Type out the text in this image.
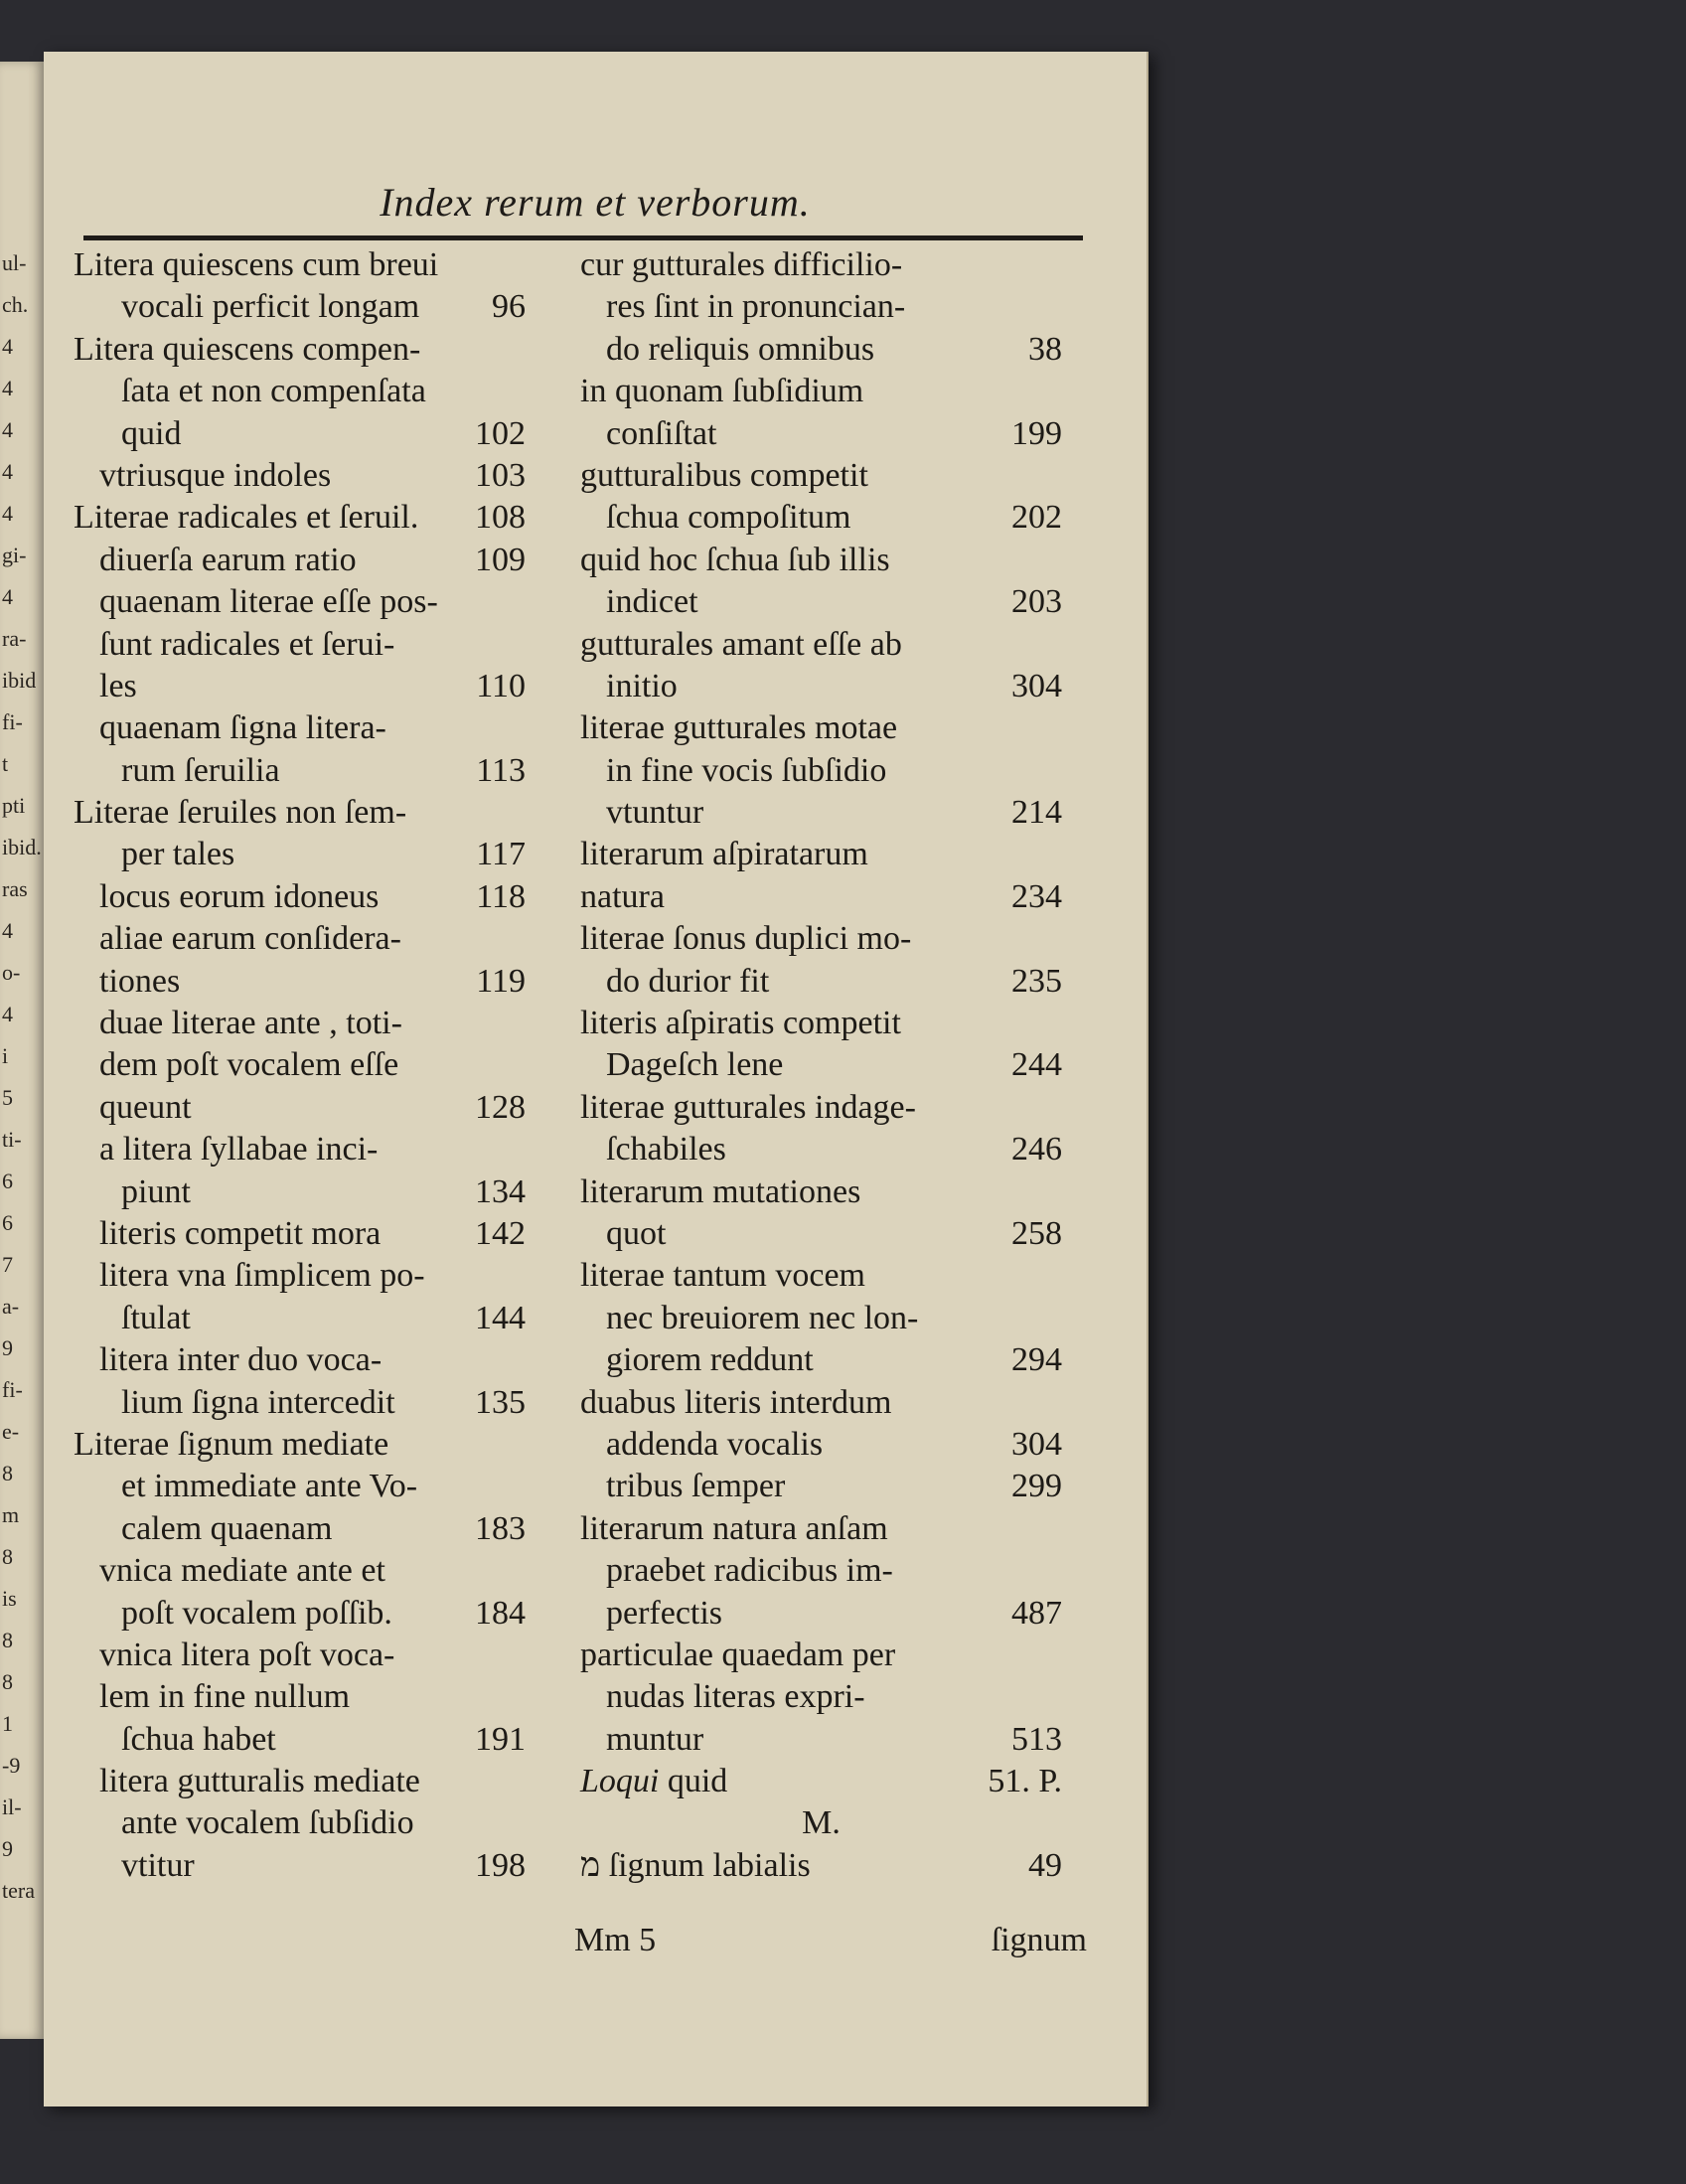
ul-
ch.
4
4
4
4
4
gi-
4
ra-
ibid
fi-
t
pti
ibid.
ras
4
o-
4
i
5
ti-
6
6
7
a-
9
fi-
e-
8
m
8
is
8
8
1
-9
il-
9
tera
Index rerum et verborum.
Litera quiescens cum breui
vocali perficit longam 96
Litera quiescens compen-
ſata et non compenſata
quid	102
vtriusque indoles	103
Literae radicales et ſeruil. 108
diuerſa earum ratio	109
quaenam literae eſſe pos-
ſunt radicales et ſerui-
les	110
quaenam ſigna litera-
rum ſeruilia	113
Literae ſeruiles non ſem-
per tales	117
locus eorum idoneus	118
aliae earum conſidera-
tiones	119
duae literae ante , toti-
dem poſt vocalem eſſe
queunt	128
a litera ſyllabae inci-
piunt	134
literis competit mora	142
litera vna ſimplicem po-
ſtulat	144
litera inter duo voca-
lium ſigna intercedit 135
Literae ſignum mediate
et immediate ante Vo-
calem quaenam	183
vnica mediate ante et
poſt vocalem poſſib. 184
vnica litera poſt voca-
lem in fine nullum
ſchua habet	191
litera gutturalis mediate
ante vocalem ſubſidio
vtitur	198
cur gutturales difficilio-
res ſint in pronuncian-
do reliquis omnibus	38
in quonam ſubſidium
conſiſtat	199
gutturalibus competit
ſchua compoſitum	202
quid hoc ſchua ſub illis
indicet	203
gutturales amant eſſe ab
initio	304
literae gutturales motae
in fine vocis ſubſidio
vtuntur	214
literarum aſpiratarum
natura	234
literae ſonus duplici mo-
do durior fit	235
literis aſpiratis competit
Dageſch lene	244
literae gutturales indage-
ſchabiles	246
literarum mutationes
quot	258
literae tantum vocem
nec breuiorem nec lon-
giorem reddunt	294
duabus literis interdum
addenda vocalis	304
tribus ſemper	299
literarum natura anſam
praebet radicibus im-
perfectis	487
particulae quaedam per
nudas literas expri-
muntur	513
Loqui quid	51. P.
M.
מ ſignum labialis	49
Mm 5	ſignum
